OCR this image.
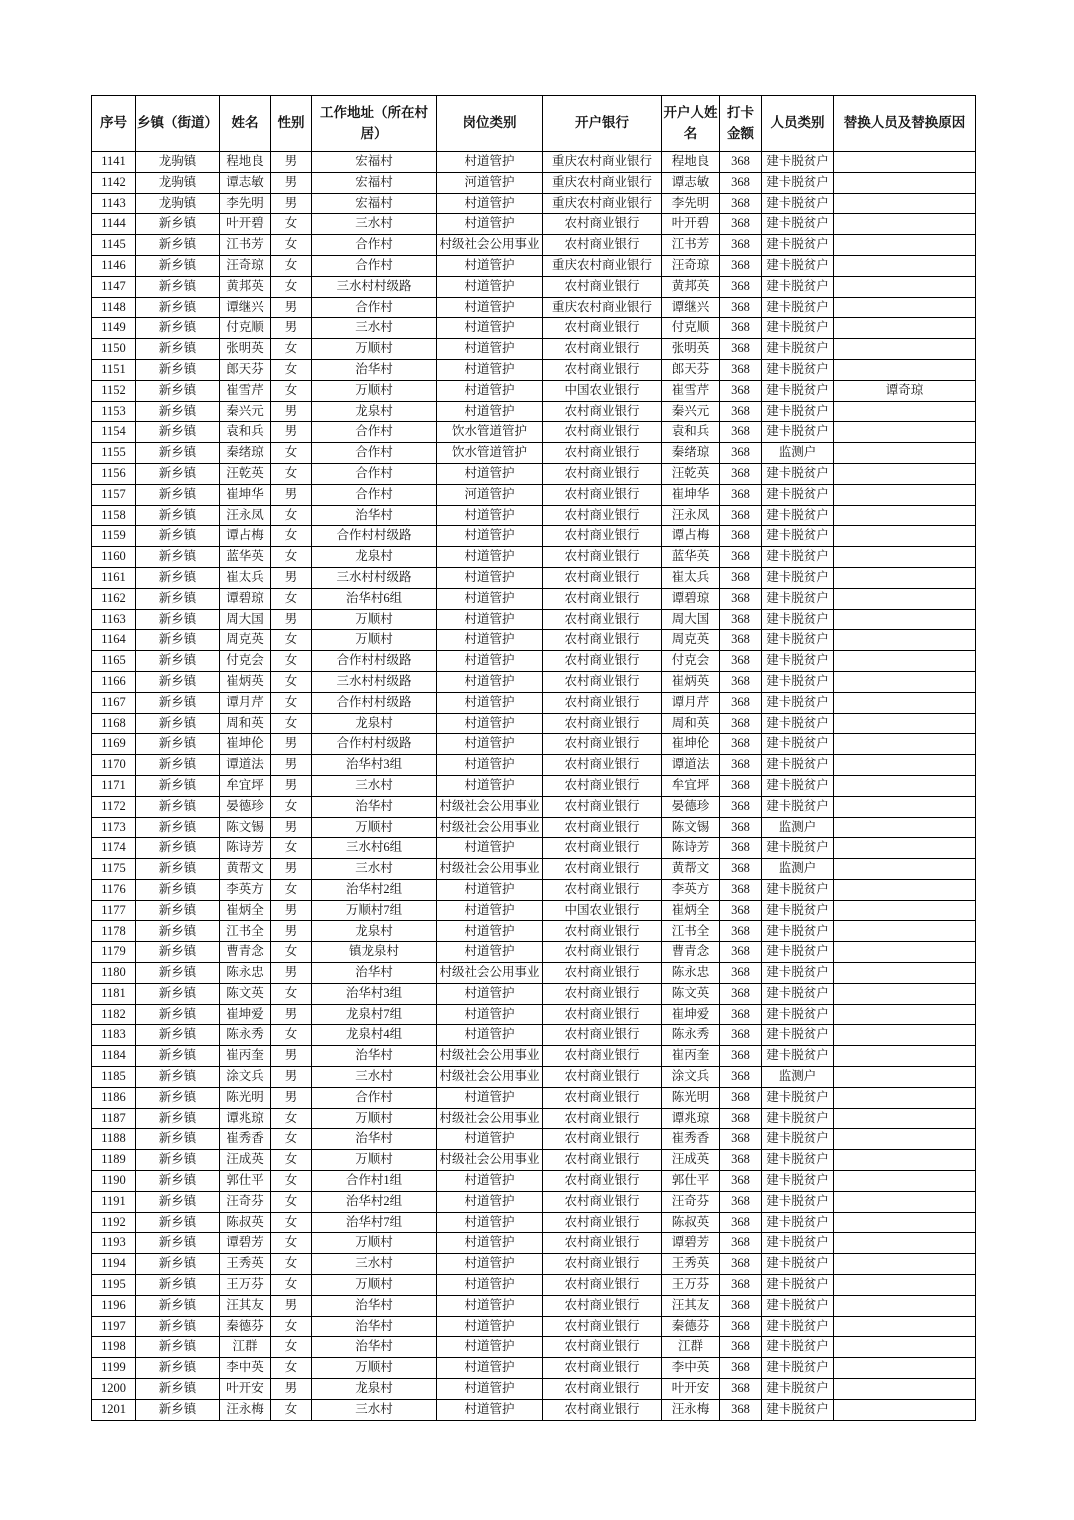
序号	乡镇（街道）	姓名	性别	工作地址（所在村居）	岗位类别	开户银行	开户人姓名	打卡金额	人员类别	替换人员及替换原因
1141	龙驹镇	程地良	男	宏福村	村道管护	重庆农村商业银行	程地良	368	建卡脱贫户	
1142	龙驹镇	谭志敏	男	宏福村	河道管护	重庆农村商业银行	谭志敏	368	建卡脱贫户	
1143	龙驹镇	李先明	男	宏福村	村道管护	重庆农村商业银行	李先明	368	建卡脱贫户	
1144	新乡镇	叶开碧	女	三水村	村道管护	农村商业银行	叶开碧	368	建卡脱贫户	
1145	新乡镇	江书芳	女	合作村	村级社会公用事业	农村商业银行	江书芳	368	建卡脱贫户	
1146	新乡镇	汪奇琼	女	合作村	村道管护	重庆农村商业银行	汪奇琼	368	建卡脱贫户	
1147	新乡镇	黄邦英	女	三水村村级路	村道管护	农村商业银行	黄邦英	368	建卡脱贫户	
1148	新乡镇	谭继兴	男	合作村	村道管护	重庆农村商业银行	谭继兴	368	建卡脱贫户	
1149	新乡镇	付克顺	男	三水村	村道管护	农村商业银行	付克顺	368	建卡脱贫户	
1150	新乡镇	张明英	女	万顺村	村道管护	农村商业银行	张明英	368	建卡脱贫户	
1151	新乡镇	郎天芬	女	治华村	村道管护	农村商业银行	郎天芬	368	建卡脱贫户	
1152	新乡镇	崔雪芹	女	万顺村	村道管护	中国农业银行	崔雪芹	368	建卡脱贫户	谭奇琼
1153	新乡镇	秦兴元	男	龙泉村	村道管护	农村商业银行	秦兴元	368	建卡脱贫户	
1154	新乡镇	袁和兵	男	合作村	饮水管道管护	农村商业银行	袁和兵	368	建卡脱贫户	
1155	新乡镇	秦绪琼	女	合作村	饮水管道管护	农村商业银行	秦绪琼	368	监测户	
1156	新乡镇	汪乾英	女	合作村	村道管护	农村商业银行	汪乾英	368	建卡脱贫户	
1157	新乡镇	崔坤华	男	合作村	河道管护	农村商业银行	崔坤华	368	建卡脱贫户	
1158	新乡镇	汪永凤	女	治华村	村道管护	农村商业银行	汪永凤	368	建卡脱贫户	
1159	新乡镇	谭占梅	女	合作村村级路	村道管护	农村商业银行	谭占梅	368	建卡脱贫户	
1160	新乡镇	蓝华英	女	龙泉村	村道管护	农村商业银行	蓝华英	368	建卡脱贫户	
1161	新乡镇	崔太兵	男	三水村村级路	村道管护	农村商业银行	崔太兵	368	建卡脱贫户	
1162	新乡镇	谭碧琼	女	治华村6组	村道管护	农村商业银行	谭碧琼	368	建卡脱贫户	
1163	新乡镇	周大国	男	万顺村	村道管护	农村商业银行	周大国	368	建卡脱贫户	
1164	新乡镇	周克英	女	万顺村	村道管护	农村商业银行	周克英	368	建卡脱贫户	
1165	新乡镇	付克会	女	合作村村级路	村道管护	农村商业银行	付克会	368	建卡脱贫户	
1166	新乡镇	崔炳英	女	三水村村级路	村道管护	农村商业银行	崔炳英	368	建卡脱贫户	
1167	新乡镇	谭月芹	女	合作村村级路	村道管护	农村商业银行	谭月芹	368	建卡脱贫户	
1168	新乡镇	周和英	女	龙泉村	村道管护	农村商业银行	周和英	368	建卡脱贫户	
1169	新乡镇	崔坤伦	男	合作村村级路	村道管护	农村商业银行	崔坤伦	368	建卡脱贫户	
1170	新乡镇	谭道法	男	治华村3组	村道管护	农村商业银行	谭道法	368	建卡脱贫户	
1171	新乡镇	牟宜坪	男	三水村	村道管护	农村商业银行	牟宜坪	368	建卡脱贫户	
1172	新乡镇	晏德珍	女	治华村	村级社会公用事业	农村商业银行	晏德珍	368	建卡脱贫户	
1173	新乡镇	陈文锡	男	万顺村	村级社会公用事业	农村商业银行	陈文锡	368	监测户	
1174	新乡镇	陈诗芳	女	三水村6组	村道管护	农村商业银行	陈诗芳	368	建卡脱贫户	
1175	新乡镇	黄帮文	男	三水村	村级社会公用事业	农村商业银行	黄帮文	368	监测户	
1176	新乡镇	李英方	女	治华村2组	村道管护	农村商业银行	李英方	368	建卡脱贫户	
1177	新乡镇	崔炳全	男	万顺村7组	村道管护	中国农业银行	崔炳全	368	建卡脱贫户	
1178	新乡镇	江书全	男	龙泉村	村道管护	农村商业银行	江书全	368	建卡脱贫户	
1179	新乡镇	曹青念	女	镇龙泉村	村道管护	农村商业银行	曹青念	368	建卡脱贫户	
1180	新乡镇	陈永忠	男	治华村	村级社会公用事业	农村商业银行	陈永忠	368	建卡脱贫户	
1181	新乡镇	陈文英	女	治华村3组	村道管护	农村商业银行	陈文英	368	建卡脱贫户	
1182	新乡镇	崔坤爱	男	龙泉村7组	村道管护	农村商业银行	崔坤爱	368	建卡脱贫户	
1183	新乡镇	陈永秀	女	龙泉村4组	村道管护	农村商业银行	陈永秀	368	建卡脱贫户	
1184	新乡镇	崔丙奎	男	治华村	村级社会公用事业	农村商业银行	崔丙奎	368	建卡脱贫户	
1185	新乡镇	涂文兵	男	三水村	村级社会公用事业	农村商业银行	涂文兵	368	监测户	
1186	新乡镇	陈光明	男	合作村	村道管护	农村商业银行	陈光明	368	建卡脱贫户	
1187	新乡镇	谭兆琼	女	万顺村	村级社会公用事业	农村商业银行	谭兆琼	368	建卡脱贫户	
1188	新乡镇	崔秀香	女	治华村	村道管护	农村商业银行	崔秀香	368	建卡脱贫户	
1189	新乡镇	汪成英	女	万顺村	村级社会公用事业	农村商业银行	汪成英	368	建卡脱贫户	
1190	新乡镇	郭仕平	女	合作村1组	村道管护	农村商业银行	郭仕平	368	建卡脱贫户	
1191	新乡镇	汪奇芬	女	治华村2组	村道管护	农村商业银行	汪奇芬	368	建卡脱贫户	
1192	新乡镇	陈叔英	女	治华村7组	村道管护	农村商业银行	陈叔英	368	建卡脱贫户	
1193	新乡镇	谭碧芳	女	万顺村	村道管护	农村商业银行	谭碧芳	368	建卡脱贫户	
1194	新乡镇	王秀英	女	三水村	村道管护	农村商业银行	王秀英	368	建卡脱贫户	
1195	新乡镇	王万芬	女	万顺村	村道管护	农村商业银行	王万芬	368	建卡脱贫户	
1196	新乡镇	汪其友	男	治华村	村道管护	农村商业银行	汪其友	368	建卡脱贫户	
1197	新乡镇	秦德芬	女	治华村	村道管护	农村商业银行	秦德芬	368	建卡脱贫户	
1198	新乡镇	江群	女	治华村	村道管护	农村商业银行	江群	368	建卡脱贫户	
1199	新乡镇	李中英	女	万顺村	村道管护	农村商业银行	李中英	368	建卡脱贫户	
1200	新乡镇	叶开安	男	龙泉村	村道管护	农村商业银行	叶开安	368	建卡脱贫户	
1201	新乡镇	汪永梅	女	三水村	村道管护	农村商业银行	汪永梅	368	建卡脱贫户	
